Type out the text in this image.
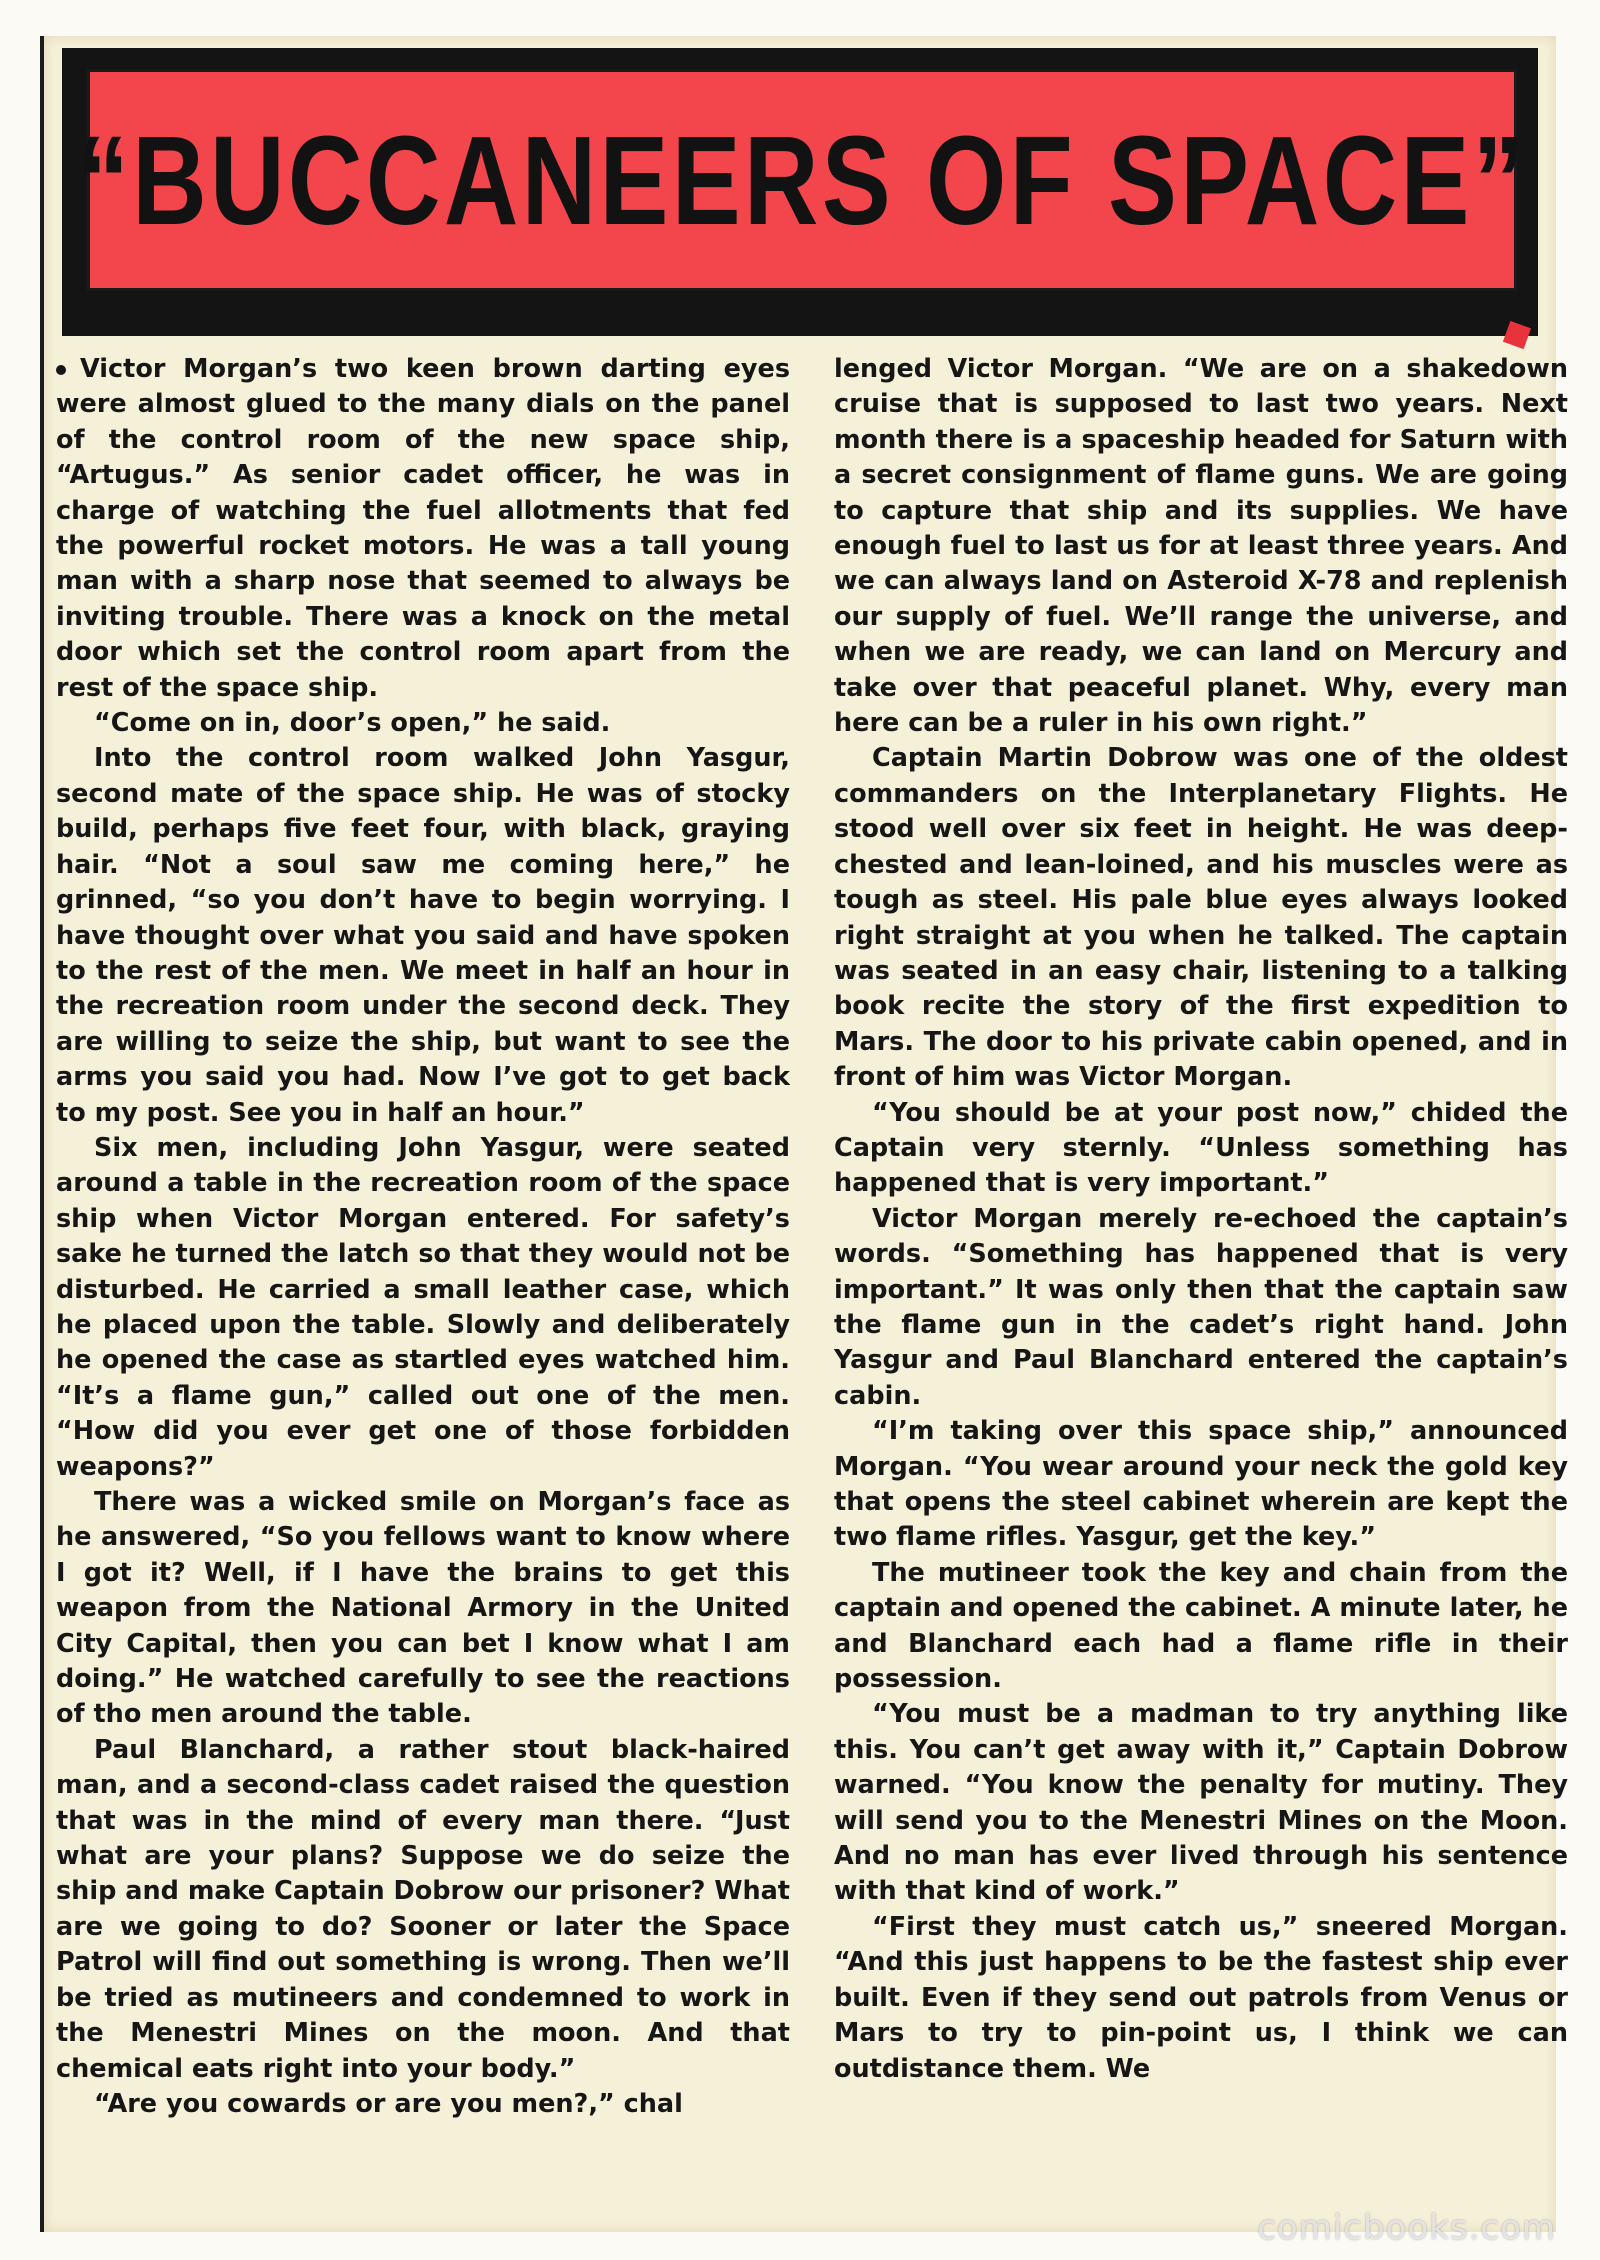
“BUCCANEERS OF SPACE”

Victor Morgan’s two keen brown darting eyes were almost glued to the many dials on the panel of the control room of the new space ship, “Artugus.” As senior cadet officer, he was in charge of watching the fuel allotments that fed the powerful rocket motors. He was a tall young man with a sharp nose that seemed to always be inviting trouble. There was a knock on the metal door which set the control room apart from the rest of the space ship.

“Come on in, door’s open,” he said.

Into the control room walked John Yasgur, second mate of the space ship. He was of stocky build, perhaps five feet four, with black, graying hair. “Not a soul saw me coming here,” he grinned, “so you don’t have to begin worrying. I have thought over what you said and have spoken to the rest of the men. We meet in half an hour in the recreation room under the second deck. They are willing to seize the ship, but want to see the arms you said you had. Now I’ve got to get back to my post. See you in half an hour.”

Six men, including John Yasgur, were seated around a table in the recreation room of the space ship when Victor Morgan entered. For safety’s sake he turned the latch so that they would not be disturbed. He carried a small leather case, which he placed upon the table. Slowly and deliberately he opened the case as startled eyes watched him. “It’s a flame gun,” called out one of the men. “How did you ever get one of those forbidden weapons?”

There was a wicked smile on Morgan’s face as he answered, “So you fellows want to know where I got it? Well, if I have the brains to get this weapon from the National Armory in the United City Capital, then you can bet I know what I am doing.” He watched carefully to see the reactions of tho men around the table.

Paul Blanchard, a rather stout black-haired man, and a second-class cadet raised the question that was in the mind of every man there. “Just what are your plans? Suppose we do seize the ship and make Captain Dobrow our prisoner? What are we going to do? Sooner or later the Space Patrol will find out something is wrong. Then we’ll be tried as mutineers and condemned to work in the Menestri Mines on the moon. And that chemical eats right into your body.”

“Are you cowards or are you men?,” chal

lenged Victor Morgan. “We are on a shakedown cruise that is supposed to last two years. Next month there is a spaceship headed for Saturn with a secret consignment of flame guns. We are going to capture that ship and its supplies. We have enough fuel to last us for at least three years. And we can always land on Asteroid X-78 and replenish our supply of fuel. We’ll range the universe, and when we are ready, we can land on Mercury and take over that peaceful planet. Why, every man here can be a ruler in his own right.”

Captain Martin Dobrow was one of the oldest commanders on the Interplanetary Flights. He stood well over six feet in height. He was deep-chested and lean-loined, and his muscles were as tough as steel. His pale blue eyes always looked right straight at you when he talked. The captain was seated in an easy chair, listening to a talking book recite the story of the first expedition to Mars. The door to his private cabin opened, and in front of him was Victor Morgan.

“You should be at your post now,” chided the Captain very sternly. “Unless something has happened that is very important.”

Victor Morgan merely re-echoed the captain’s words. “Something has happened that is very important.” It was only then that the captain saw the flame gun in the cadet’s right hand. John Yasgur and Paul Blanchard entered the captain’s cabin.

“I’m taking over this space ship,” announced Morgan. “You wear around your neck the gold key that opens the steel cabinet wherein are kept the two flame rifles. Yasgur, get the key.”

The mutineer took the key and chain from the captain and opened the cabinet. A minute later, he and Blanchard each had a flame rifle in their possession.

“You must be a madman to try anything like this. You can’t get away with it,” Captain Dobrow warned. “You know the penalty for mutiny. They will send you to the Menestri Mines on the Moon. And no man has ever lived through his sentence with that kind of work.”

“First they must catch us,” sneered Morgan. “And this just happens to be the fastest ship ever built. Even if they send out patrols from Venus or Mars to try to pin-point us, I think we can outdistance them. We

comicbooks.com
